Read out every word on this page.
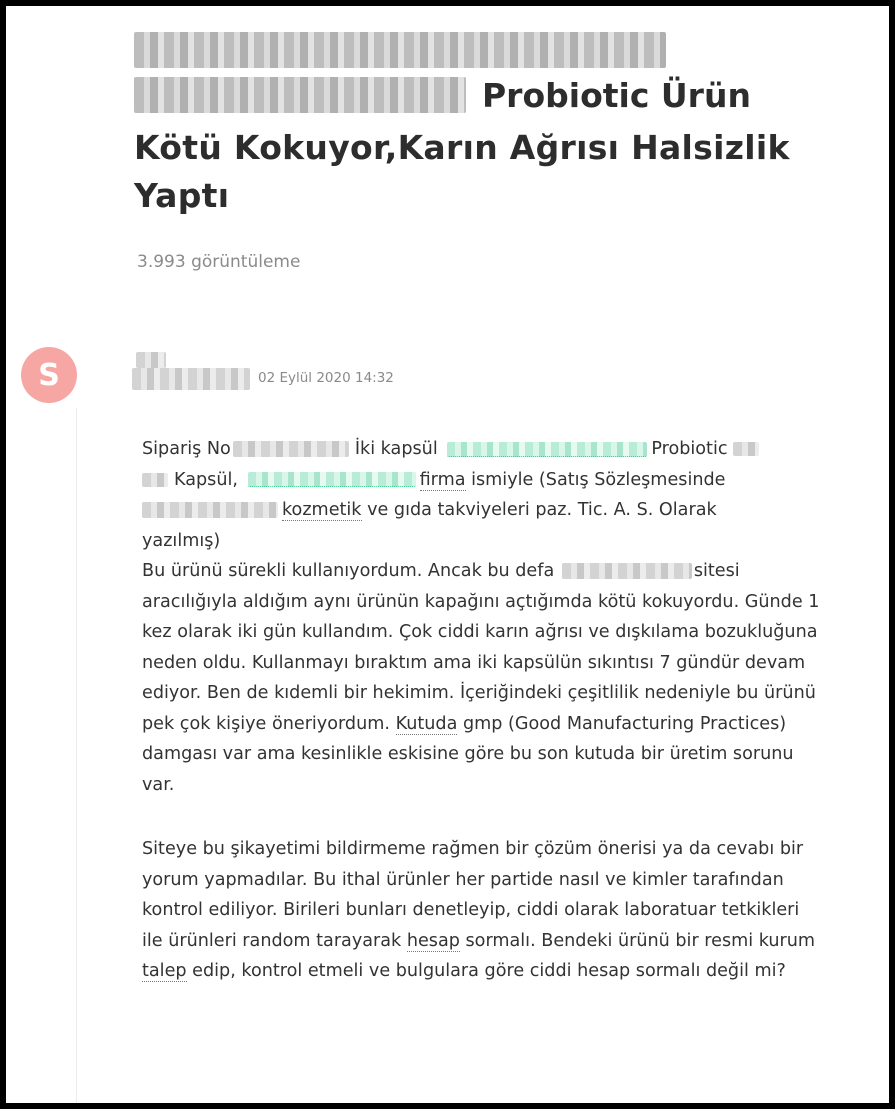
Probiotic Ürün
Kötü Kokuyor,Karın Ağrısı Halsizlik
Yaptı
3.993 görüntüleme
S	02 Eylül 2020 14:32

Sipariş No	İki kapsül	Probiotic
Kapsül,	firma ismiyle (Satış Sözleşmesinde
kozmetik ve gıda takviyeleri paz. Tic. A. S. Olarak
yazılmış)
Bu ürünü sürekli kullanıyordum. Ancak bu defa	sitesi aracılığıyla aldığım aynı ürünün kapağını açtığımda kötü kokuyordu. Günde 1 kez olarak iki gün kullandım. Çok ciddi karın ağrısı ve dışkılama bozukluğuna neden oldu. Kullanmayı bıraktım ama iki kapsülün sıkıntısı 7 gündür devam ediyor. Ben de kıdemli bir hekimim. İçeriğindeki çeşitlilik nedeniyle bu ürünü pek çok kişiye öneriyordum. Kutuda gmp (Good Manufacturing Practices) damgası var ama kesinlikle eskisine göre bu son kutuda bir üretim sorunu var.

Siteye bu şikayetimi bildirmeme rağmen bir çözüm önerisi ya da cevabı bir yorum yapmadılar. Bu ithal ürünler her partide nasıl ve kimler tarafından kontrol ediliyor. Birileri bunları denetleyip, ciddi olarak laboratuar tetkikleri ile ürünleri random tarayarak hesap sormalı. Bendeki ürünü bir resmi kurum talep edip, kontrol etmeli ve bulgulara göre ciddi hesap sormalı değil mi?
